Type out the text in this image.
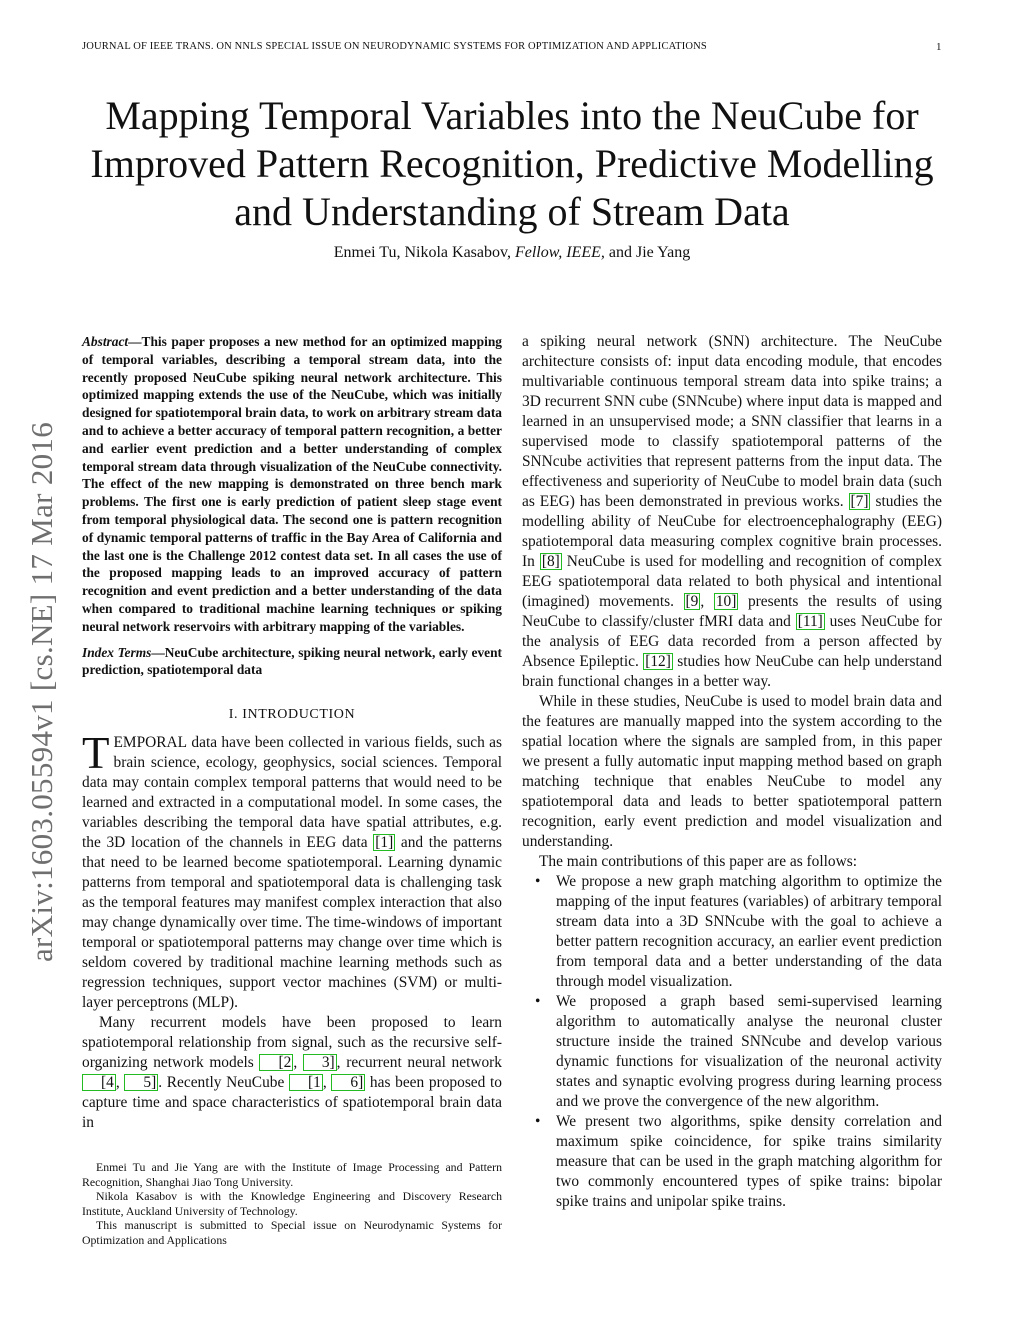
JOURNAL OF IEEE TRANS. ON NNLS SPECIAL ISSUE ON NEURODYNAMIC SYSTEMS FOR OPTIMIZATION AND APPLICATIONS	1
Mapping Temporal Variables into the NeuCube for
Improved Pattern Recognition, Predictive Modelling
and Understanding of Stream Data
Enmei Tu, Nikola Kasabov, Fellow, IEEE, and Jie Yang
arXiv:1603.05594v1 [cs.NE] 17 Mar 2016
Abstract—This paper proposes a new method for an optimized mapping of temporal variables, describing a temporal stream data, into the recently proposed NeuCube spiking neural network architecture. This optimized mapping extends the use of the NeuCube, which was initially designed for spatiotemporal brain data, to work on arbitrary stream data and to achieve a better accuracy of temporal pattern recognition, a better and earlier event prediction and a better understanding of complex temporal stream data through visualization of the NeuCube connectivity. The effect of the new mapping is demonstrated on three bench mark problems. The first one is early prediction of patient sleep stage event from temporal physiological data. The second one is pattern recognition of dynamic temporal patterns of traffic in the Bay Area of California and the last one is the Challenge 2012 contest data set. In all cases the use of the proposed mapping leads to an improved accuracy of pattern recognition and event prediction and a better understanding of the data when compared to traditional machine learning techniques or spiking neural network reservoirs with arbitrary mapping of the variables.
Index Terms—NeuCube architecture, spiking neural network, early event prediction, spatiotemporal data
I. INTRODUCTION

TEMPORAL data have been collected in various fields, such as brain science, ecology, geophysics, social sciences. Temporal data may contain complex temporal patterns that would need to be learned and extracted in a computational model. In some cases, the variables describing the temporal data have spatial attributes, e.g. the 3D location of the channels in EEG data [1] and the patterns that need to be learned become spatiotemporal. Learning dynamic patterns from temporal and spatiotemporal data is challenging task as the temporal features may manifest complex interaction that also may change dynamically over time. The time-windows of important temporal or spatiotemporal patterns may change over time which is seldom covered by traditional machine learning methods such as regression techniques, support vector machines (SVM) or multi-layer perceptrons (MLP).

Many recurrent models have been proposed to learn spatiotemporal relationship from signal, such as the recursive self-organizing network models [2 , 3] , recurrent neural network [4 , 5] . Recently NeuCube [1 , 6] has been proposed to capture time and space characteristics of spatiotemporal brain data in

Enmei Tu and Jie Yang are with the Institute of Image Processing and Pattern Recognition, Shanghai Jiao Tong University.

Nikola Kasabov is with the Knowledge Engineering and Discovery Research Institute, Auckland University of Technology.

This manuscript is submitted to Special issue on Neurodynamic Systems for Optimization and Applications

a spiking neural network (SNN) architecture. The NeuCube architecture consists of: input data encoding module, that encodes multivariable continuous temporal stream data into spike trains; a 3D recurrent SNN cube (SNNcube) where input data is mapped and learned in an unsupervised mode; a SNN classifier that learns in a supervised mode to classify spatiotemporal patterns of the SNNcube activities that represent patterns from the input data. The effectiveness and superiority of NeuCube to model brain data (such as EEG) has been demonstrated in previous works. [7] studies the modelling ability of NeuCube for electroencephalography (EEG) spatiotemporal data measuring complex cognitive brain processes. In [8] NeuCube is used for modelling and recognition of complex EEG spatiotemporal data related to both physical and intentional (imagined) movements. [9 , 10] presents the results of using NeuCube to classify/cluster fMRI data and [11] uses NeuCube for the analysis of EEG data recorded from a person affected by Absence Epileptic. [12] studies how NeuCube can help understand brain functional changes in a better way.

While in these studies, NeuCube is used to model brain data and the features are manually mapped into the system according to the spatial location where the signals are sampled from, in this paper we present a fully automatic input mapping method based on graph matching technique that enables NeuCube to model any spatiotemporal data and leads to better spatiotemporal pattern recognition, early event prediction and model visualization and understanding.

The main contributions of this paper are as follows:

• We propose a new graph matching algorithm to optimize the mapping of the input features (variables) of arbitrary temporal stream data into a 3D SNNcube with the goal to achieve a better pattern recognition accuracy, an earlier event prediction from temporal data and a better understanding of the data through model visualization.
• We proposed a graph based semi-supervised learning algorithm to automatically analyse the neuronal cluster structure inside the trained SNNcube and develop various dynamic functions for visualization of the neuronal activity states and synaptic evolving progress during learning process and we prove the convergence of the new algorithm.
• We present two algorithms, spike density correlation and maximum spike coincidence, for spike trains similarity measure that can be used in the graph matching algorithm for two commonly encountered types of spike trains: bipolar spike trains and unipolar spike trains.
